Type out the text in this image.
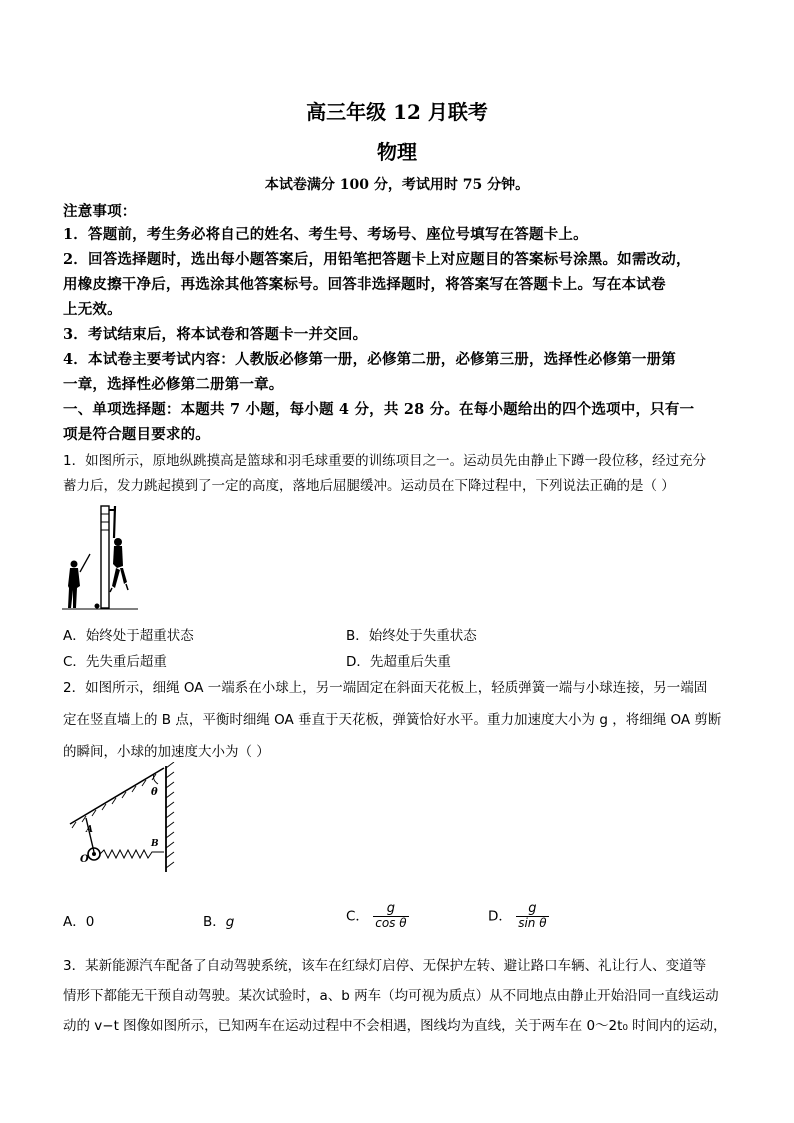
高三年级 12 月联考
物理
本试卷满分 100 分，考试用时 75 分钟。
注意事项：
1．答题前，考生务必将自己的姓名、考生号、考场号、座位号填写在答题卡上。
2．回答选择题时，选出每小题答案后，用铅笔把答题卡上对应题目的答案标号涂黑。如需改动，
用橡皮擦干净后，再选涂其他答案标号。回答非选择题时，将答案写在答题卡上。写在本试卷
上无效。
3．考试结束后，将本试卷和答题卡一并交回。
4．本试卷主要考试内容：人教版必修第一册，必修第二册，必修第三册，选择性必修第一册第
一章，选择性必修第二册第一章。
一、单项选择题：本题共 7 小题，每小题 4 分，共 28 分。在每小题给出的四个选项中，只有一
项是符合题目要求的。
1．如图所示，原地纵跳摸高是篮球和羽毛球重要的训练项目之一。运动员先由静止下蹲一段位移，经过充分
蓄力后，发力跳起摸到了一定的高度，落地后屈腿缓冲。运动员在下降过程中，下列说法正确的是（ ）
A．始终处于超重状态	B．始终处于失重状态
C．先失重后超重	D．先超重后失重
2．如图所示，细绳 OA 一端系在小球上，另一端固定在斜面天花板上，轻质弹簧一端与小球连接，另一端固
定在竖直墙上的 B 点，平衡时细绳 OA 垂直于天花板，弹簧恰好水平。重力加速度大小为 g ，将细绳 OA 剪断
的瞬间，小球的加速度大小为（ ）
θ
A
B
O
A．0	B．g	C． $\frac{g}{\text{cos θ}}$	D． $\frac{g}{\text{sin θ}}$
3．某新能源汽车配备了自动驾驶系统，该车在红绿灯启停、无保护左转、避让路口车辆、礼让行人、变道等
情形下都能无干预自动驾驶。某次试验时，a、b 两车（均可视为质点）从不同地点由静止开始沿同一直线运动
动的 v−t 图像如图所示，已知两车在运动过程中不会相遇，图线均为直线，关于两车在 0～2t₀ 时间内的运动，
